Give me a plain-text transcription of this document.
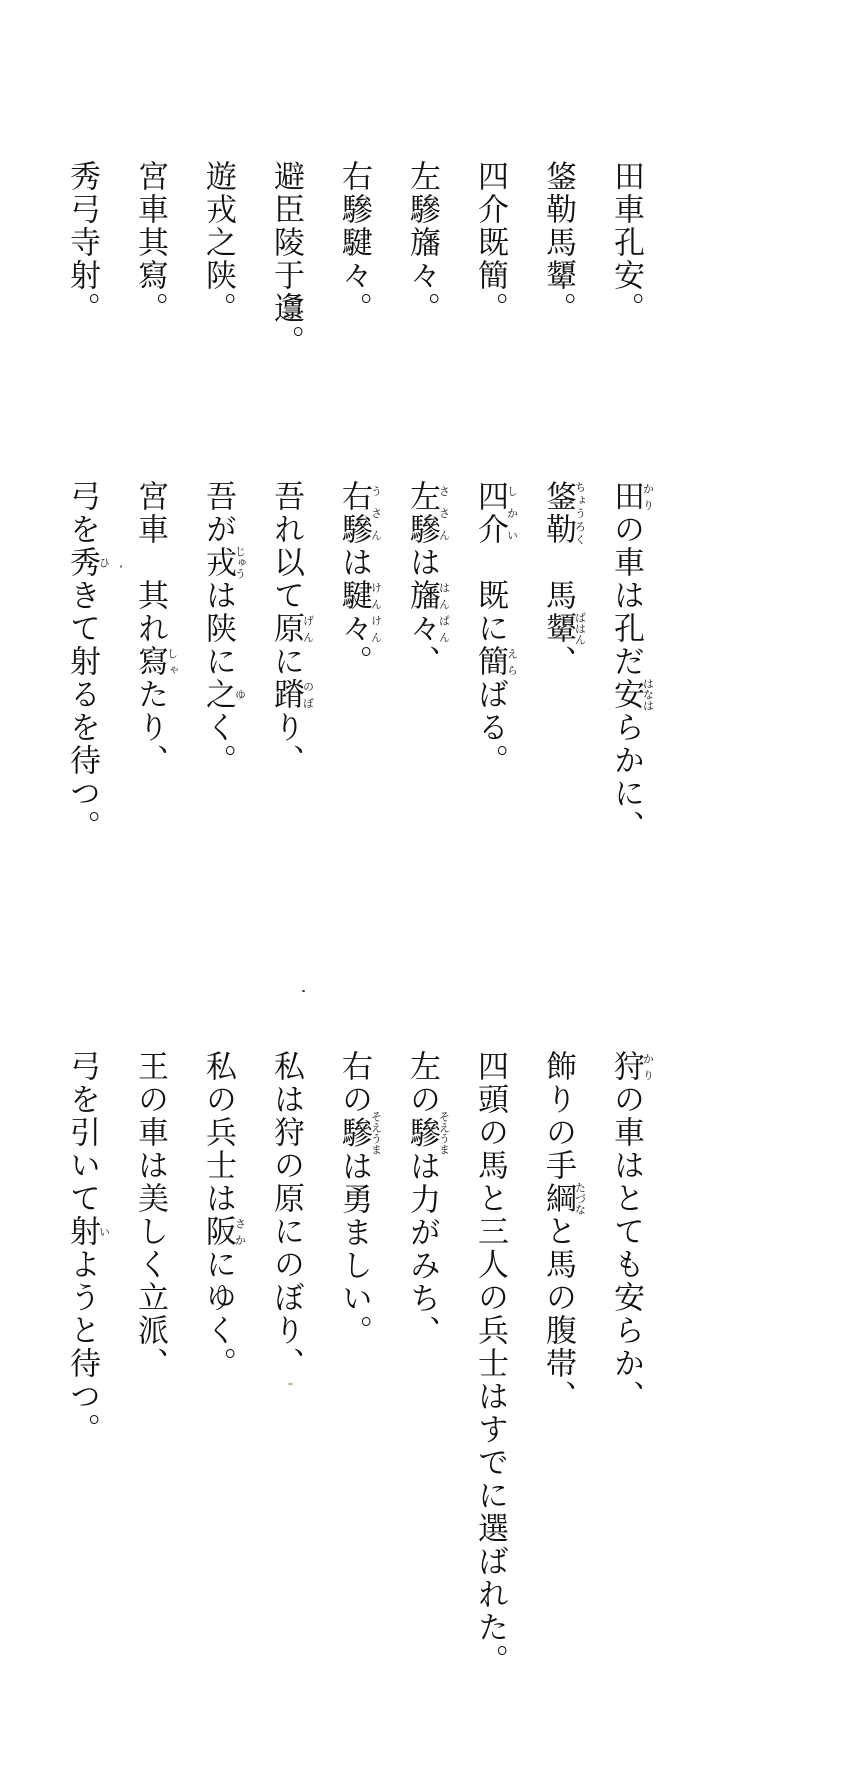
田車孔安。
鋚勒馬顰。
四介既簡。
左驂旛々。
右驂騝々。
避臣陵于邍。
遊戎之陕。
宮車其寫。
秀弓寺射。
田かりの車は孔だ安はなはらかに、
鋚勒ちょうろく　馬顰ばはん、
四介しかい　既に簡えらばる。
左驂ささんは旛々はんぱん、
右驂うさんは騝々けんけん。
吾れ以て原げんに蹐のぼり、
吾が戎じゅうは陕に之ゆく。
宮車　其れ寫しゃたり、
弓を秀ひきて射るを待つ。
狩かりの車はとても安らか、
飾りの手綱たづなと馬の腹帯、
四頭の馬と三人の兵士はすでに選ばれた。
左の驂そえうまは力がみち、
右の驂そえうまは勇ましい。
私は狩の原にのぼり、
私の兵士は阪さかにゆく。
王の車は美しく立派、
弓を引いて射いようと待つ。
